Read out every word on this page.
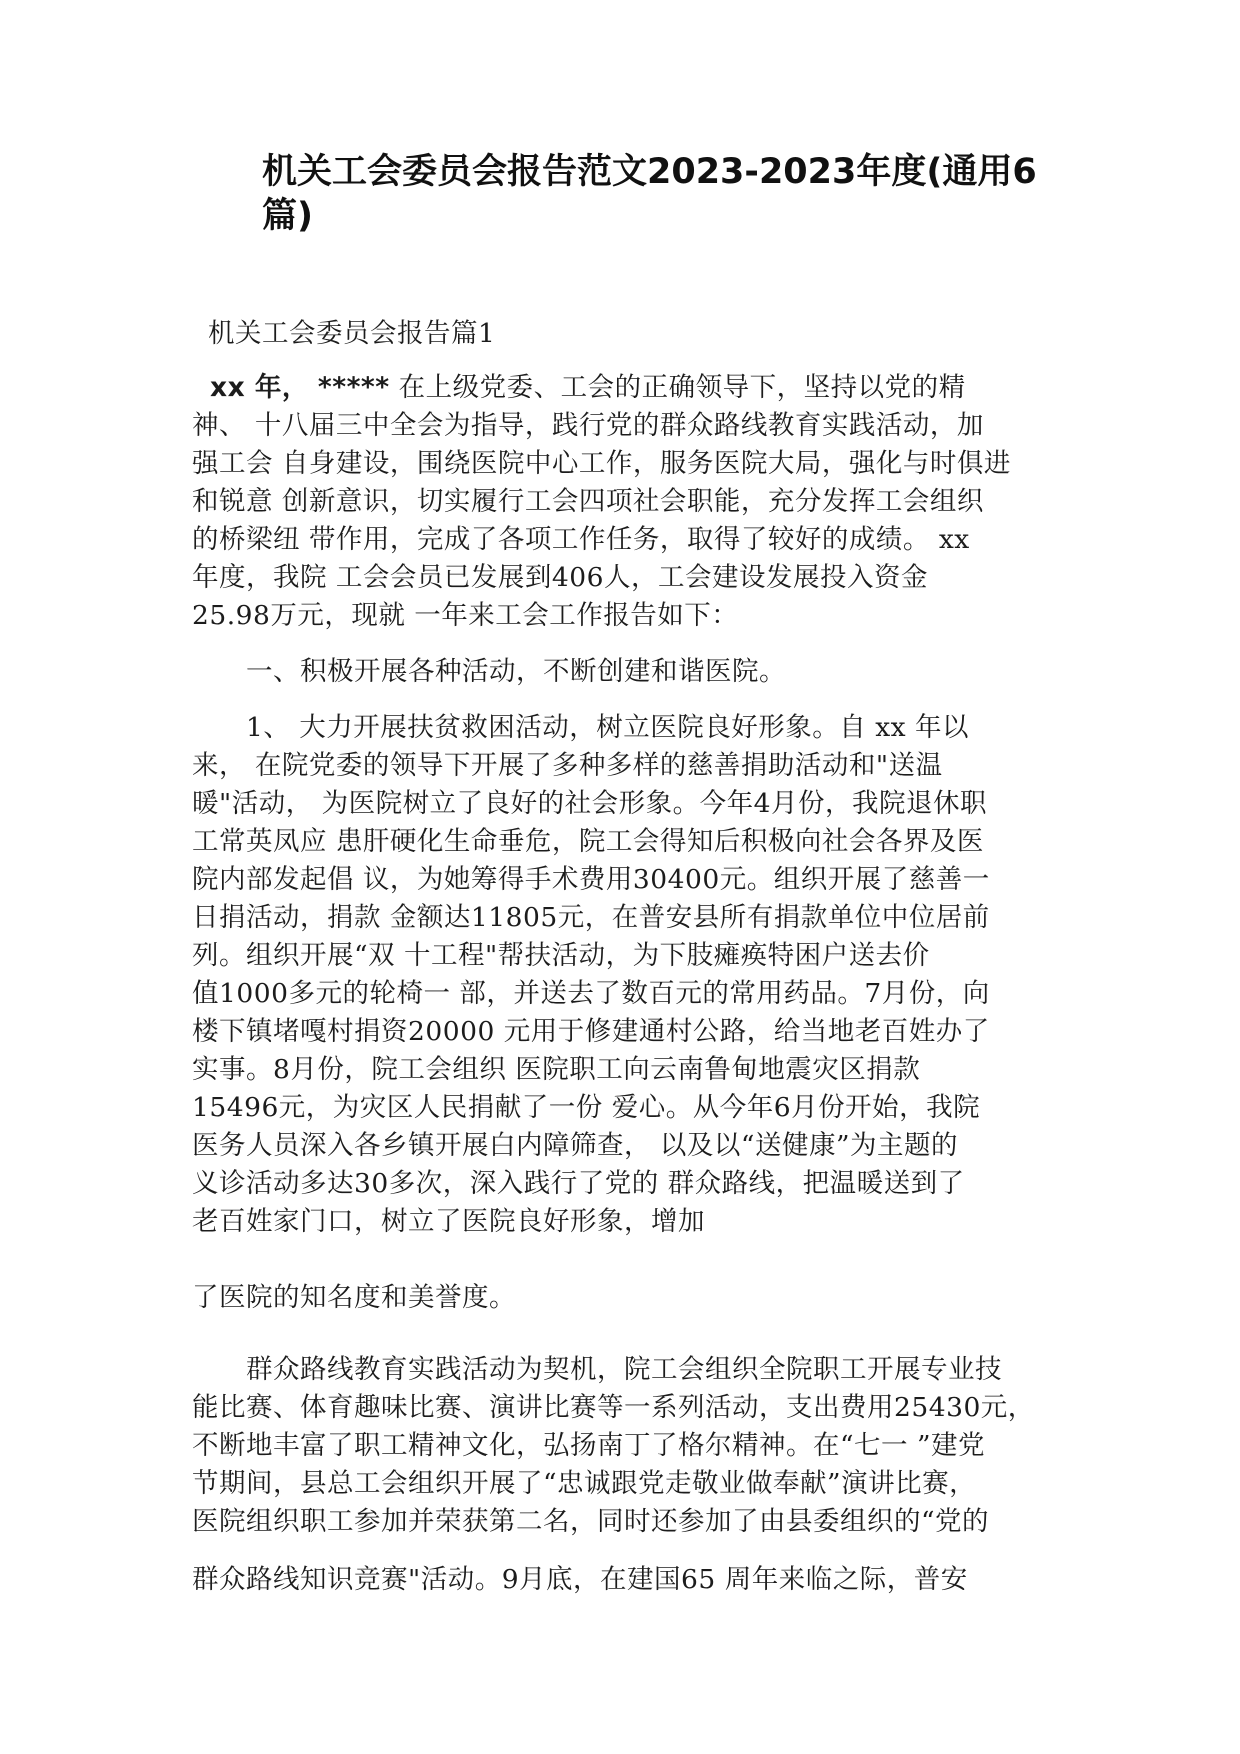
机关工会委员会报告范文2023-2023年度(通用6
篇)
机关工会委员会报告篇1
xx 年， ***** 在上级党委、工会的正确领导下，坚持以党的精
神、 十八届三中全会为指导，践行党的群众路线教育实践活动，加
强工会 自身建设，围绕医院中心工作，服务医院大局，强化与时俱进
和锐意 创新意识，切实履行工会四项社会职能，充分发挥工会组织
的桥梁纽 带作用，完成了各项工作任务，取得了较好的成绩。 xx
年度，我院 工会会员已发展到406人，工会建设发展投入资金
25.98万元，现就 一年来工会工作报告如下：
一、积极开展各种活动，不断创建和谐医院。
1、 大力开展扶贫救困活动，树立医院良好形象。自 xx 年以
来， 在院党委的领导下开展了多种多样的慈善捐助活动和"送温
暖"活动， 为医院树立了良好的社会形象。今年4月份，我院退休职
工常英凤应 患肝硬化生命垂危，院工会得知后积极向社会各界及医
院内部发起倡 议，为她筹得手术费用30400元。组织开展了慈善一
日捐活动，捐款 金额达11805元，在普安县所有捐款单位中位居前
列。组织开展“双 十工程"帮扶活动，为下肢瘫痪特困户送去价
值1000多元的轮椅一 部，并送去了数百元的常用药品。7月份，向
楼下镇堵嘎村捐资20000 元用于修建通村公路，给当地老百姓办了
实事。8月份，院工会组织 医院职工向云南鲁甸地震灾区捐款
15496元，为灾区人民捐献了一份 爱心。从今年6月份开始，我院
医务人员深入各乡镇开展白内障筛查， 以及以“送健康”为主题的
义诊活动多达30多次，深入践行了党的 群众路线，把温暖送到了
老百姓家门口，树立了医院良好形象，增加
了医院的知名度和美誉度。
群众路线教育实践活动为契机，院工会组织全院职工开展专业技
能比赛、体育趣味比赛、演讲比赛等一系列活动，支出费用25430元，
不断地丰富了职工精神文化，弘扬南丁了格尔精神。在“七一 ”建党
节期间，县总工会组织开展了“忠诚跟党走敬业做奉献”演讲比赛，
医院组织职工参加并荣获第二名，同时还参加了由县委组织的“党的
群众路线知识竞赛"活动。9月底，在建国65 周年来临之际，普安
